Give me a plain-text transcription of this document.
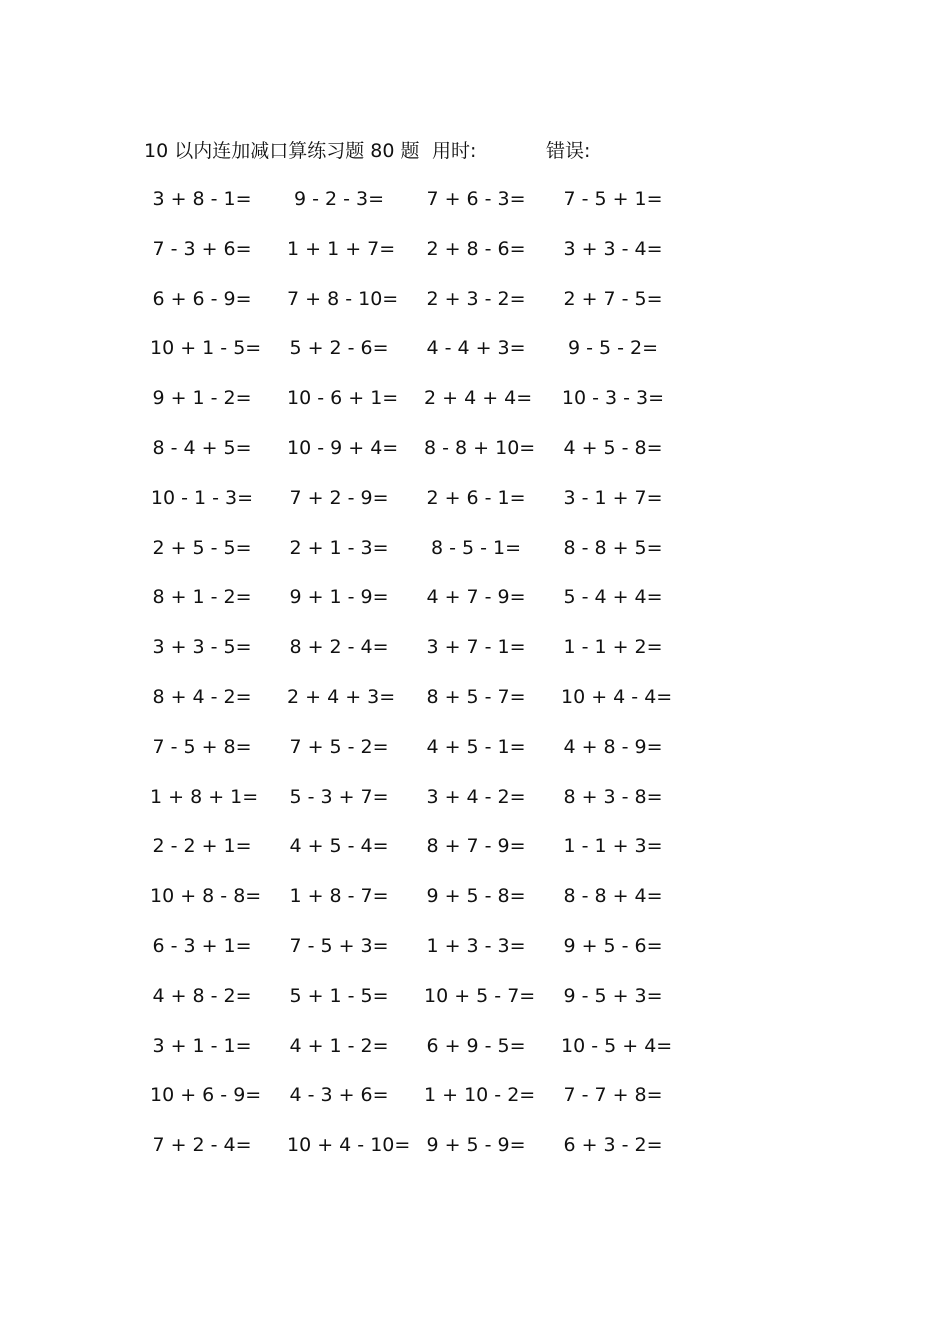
10 以内连加减口算练习题 80 题 用时:	错误:
3 + 8 - 1=	9 - 2 - 3=	7 + 6 - 3= 7 - 5 + 1=
7 - 3 + 6= 1 + 1 + 7= 2 + 8 - 6= 3 + 3 - 4=
6 + 6 - 9= 7 + 8 - 10= 2 + 3 - 2= 2 + 7 - 5=
10 + 1 - 5= 5 + 2 - 6= 4 - 4 + 3=	9 - 5 - 2=
9 + 1 - 2= 10 - 6 + 1= 2 + 4 + 4= 10 - 3 - 3=
8 - 4 + 5= 10 - 9 + 4= 8 - 8 + 10= 4 + 5 - 8=
10 - 1 - 3= 7 + 2 - 9= 2 + 6 - 1= 3 - 1 + 7=
2 + 5 - 5= 2 + 1 - 3=	8 - 5 - 1=	8 - 8 + 5=
8 + 1 - 2= 9 + 1 - 9= 4 + 7 - 9= 5 - 4 + 4=
3 + 3 - 5= 8 + 2 - 4= 3 + 7 - 1= 1 - 1 + 2=
8 + 4 - 2= 2 + 4 + 3= 8 + 5 - 7= 10 + 4 - 4=
7 - 5 + 8= 7 + 5 - 2= 4 + 5 - 1= 4 + 8 - 9=
1 + 8 + 1= 5 - 3 + 7= 3 + 4 - 2= 8 + 3 - 8=
2 - 2 + 1= 4 + 5 - 4= 8 + 7 - 9= 1 - 1 + 3=
10 + 8 - 8= 1 + 8 - 7= 9 + 5 - 8= 8 - 8 + 4=
6 - 3 + 1= 7 - 5 + 3= 1 + 3 - 3= 9 + 5 - 6=
4 + 8 - 2= 5 + 1 - 5= 10 + 5 - 7= 9 - 5 + 3=
3 + 1 - 1= 4 + 1 - 2= 6 + 9 - 5= 10 - 5 + 4=
10 + 6 - 9= 4 - 3 + 6= 1 + 10 - 2= 7 - 7 + 8=
7 + 2 - 4= 10 + 4 - 10= 9 + 5 - 9= 6 + 3 - 2=
